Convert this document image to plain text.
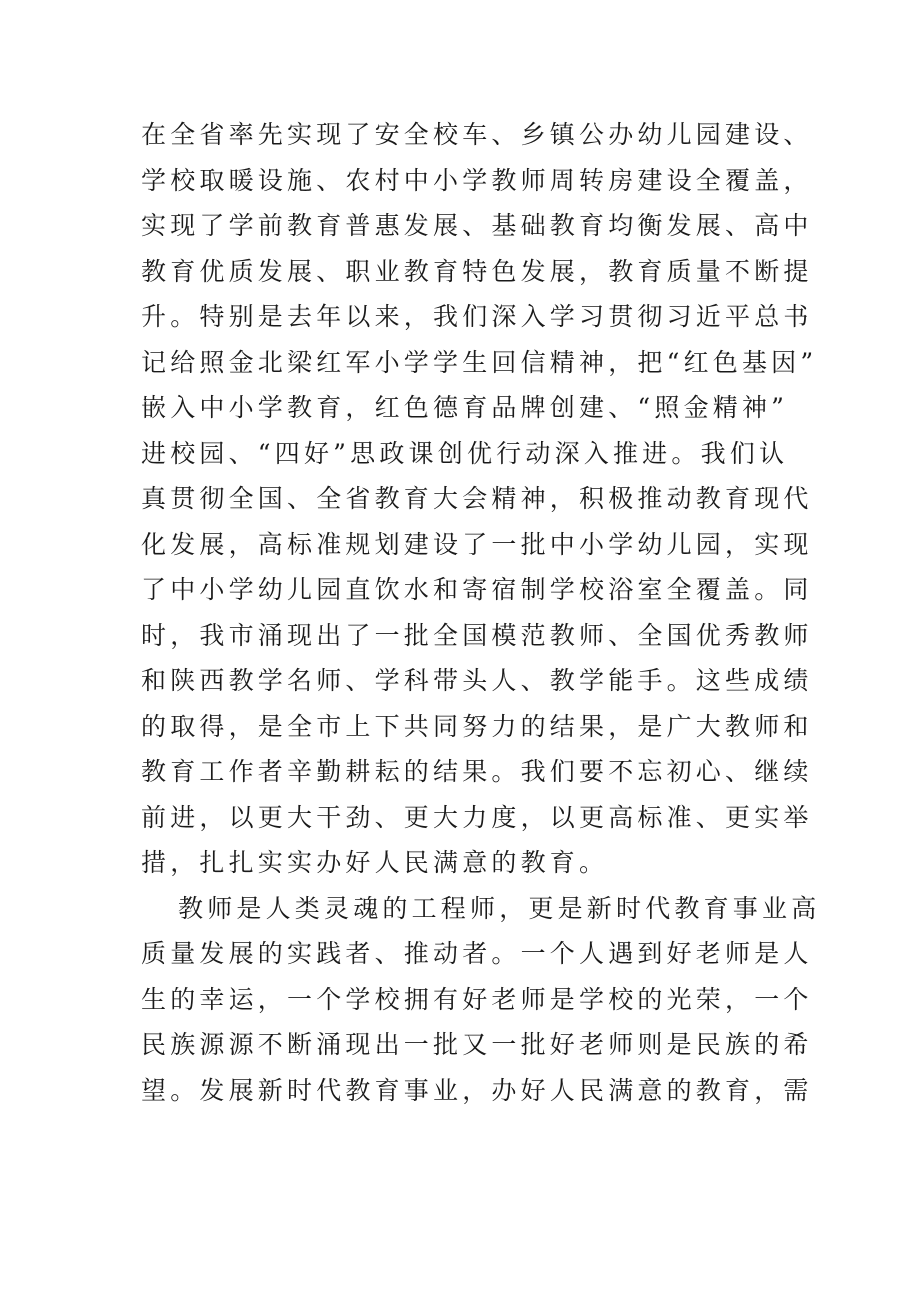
在全省率先实现了安全校车、乡镇公办幼儿园建设、
学校取暖设施、农村中小学教师周转房建设全覆盖，
实现了学前教育普惠发展、基础教育均衡发展、高中
教育优质发展、职业教育特色发展，教育质量不断提
升。特别是去年以来，我们深入学习贯彻习近平总书
记给照金北梁红军小学学生回信精神，把“红色基因”
嵌入中小学教育，红色德育品牌创建、“照金精神”
进校园、“四好”思政课创优行动深入推进。我们认
真贯彻全国、全省教育大会精神，积极推动教育现代
化发展，高标准规划建设了一批中小学幼儿园，实现
了中小学幼儿园直饮水和寄宿制学校浴室全覆盖。同
时，我市涌现出了一批全国模范教师、全国优秀教师
和陕西教学名师、学科带头人、教学能手。这些成绩
的取得，是全市上下共同努力的结果，是广大教师和
教育工作者辛勤耕耘的结果。我们要不忘初心、继续
前进，以更大干劲、更大力度，以更高标准、更实举
措，扎扎实实办好人民满意的教育。
教师是人类灵魂的工程师，更是新时代教育事业高
质量发展的实践者、推动者。一个人遇到好老师是人
生的幸运，一个学校拥有好老师是学校的光荣，一个
民族源源不断涌现出一批又一批好老师则是民族的希
望。发展新时代教育事业，办好人民满意的教育，需
